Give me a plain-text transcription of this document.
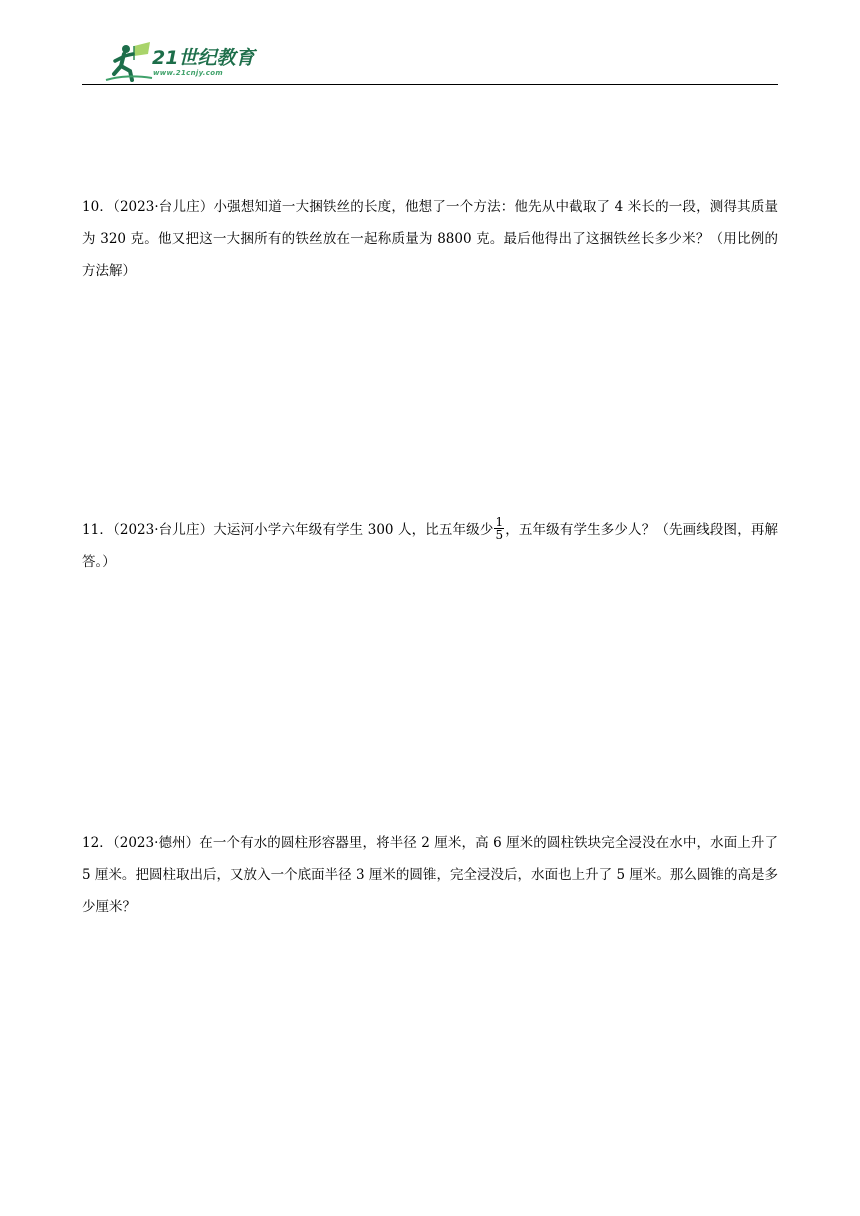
21世纪教育
www.21cnjy.com
10．（2023·台儿庄）小强想知道一大捆铁丝的长度，他想了一个方法：他先从中截取了 4 米长的一段，测得其质量为 320 克。他又把这一大捆所有的铁丝放在一起称质量为 8800 克。最后他得出了这捆铁丝长多少米？（用比例的方法解）
11．（2023·台儿庄）大运河小学六年级有学生 300 人，比五年级少 $\frac{1}{5}$ ，五年级有学生多少人？（先画线段图，再解答。）
12．（2023·德州）在一个有水的圆柱形容器里，将半径 2 厘米，高 6 厘米的圆柱铁块完全浸没在水中，水面上升了 5 厘米。把圆柱取出后，又放入一个底面半径 3 厘米的圆锥，完全浸没后，水面也上升了 5 厘米。那么圆锥的高是多少厘米？
